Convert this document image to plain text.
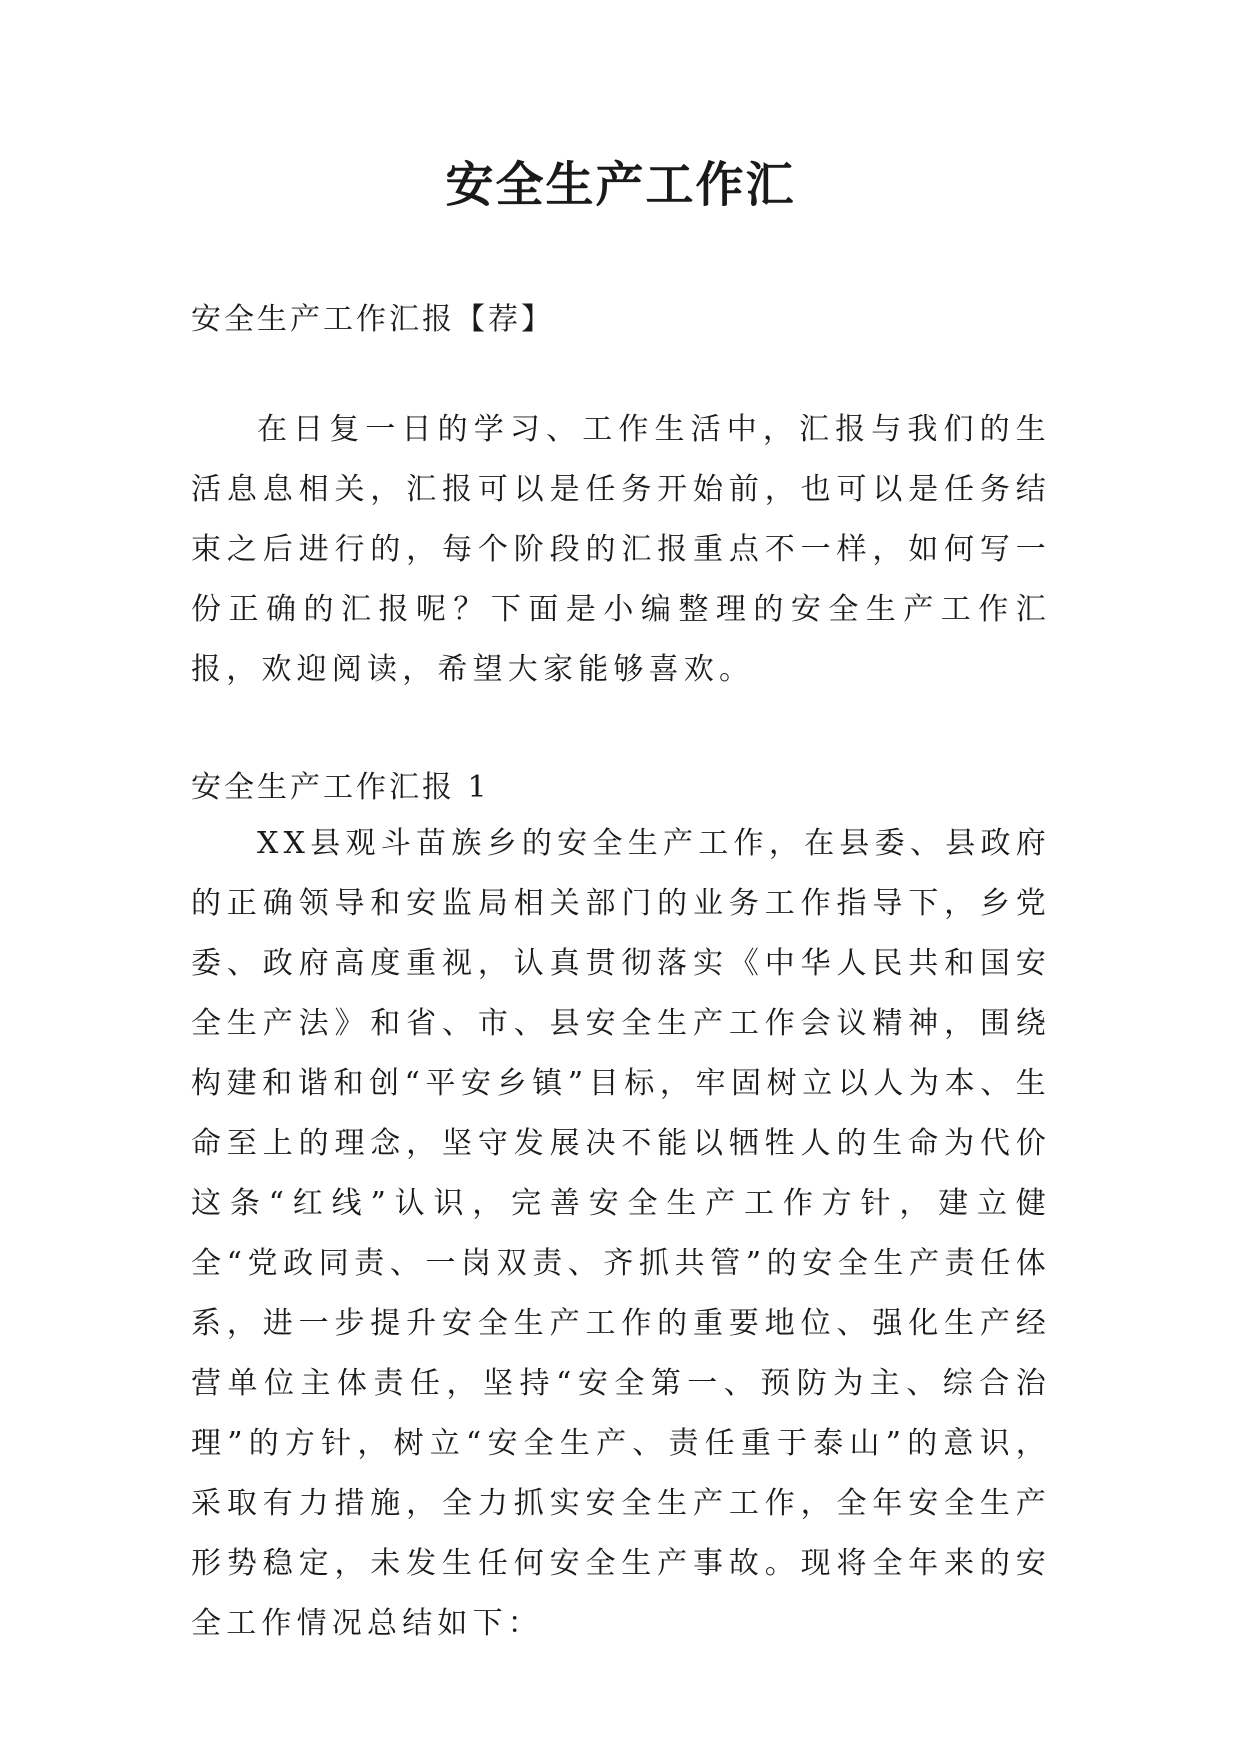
安全生产工作汇

安全生产工作汇报【荐】

在日复一日的学习、工作生活中，汇报与我们的生活息息相关，汇报可以是任务开始前，也可以是任务结束之后进行的，每个阶段的汇报重点不一样，如何写一份正确的汇报呢？下面是小编整理的安全生产工作汇报，欢迎阅读，希望大家能够喜欢。

安全生产工作汇报 1

XX县观斗苗族乡的安全生产工作，在县委、县政府的正确领导和安监局相关部门的业务工作指导下，乡党委、政府高度重视，认真贯彻落实《中华人民共和国安全生产法》和省、市、县安全生产工作会议精神，围绕构建和谐和创“平安乡镇”目标，牢固树立以人为本、生命至上的理念，坚守发展决不能以牺牲人的生命为代价这条“红线”认识，完善安全生产工作方针，建立健全“党政同责、一岗双责、齐抓共管”的安全生产责任体系，进一步提升安全生产工作的重要地位、强化生产经营单位主体责任，坚持“安全第一、预防为主、综合治理”的方针，树立“安全生产、责任重于泰山”的意识，采取有力措施，全力抓实安全生产工作，全年安全生产形势稳定，未发生任何安全生产事故。现将全年来的安全工作情况总结如下：
